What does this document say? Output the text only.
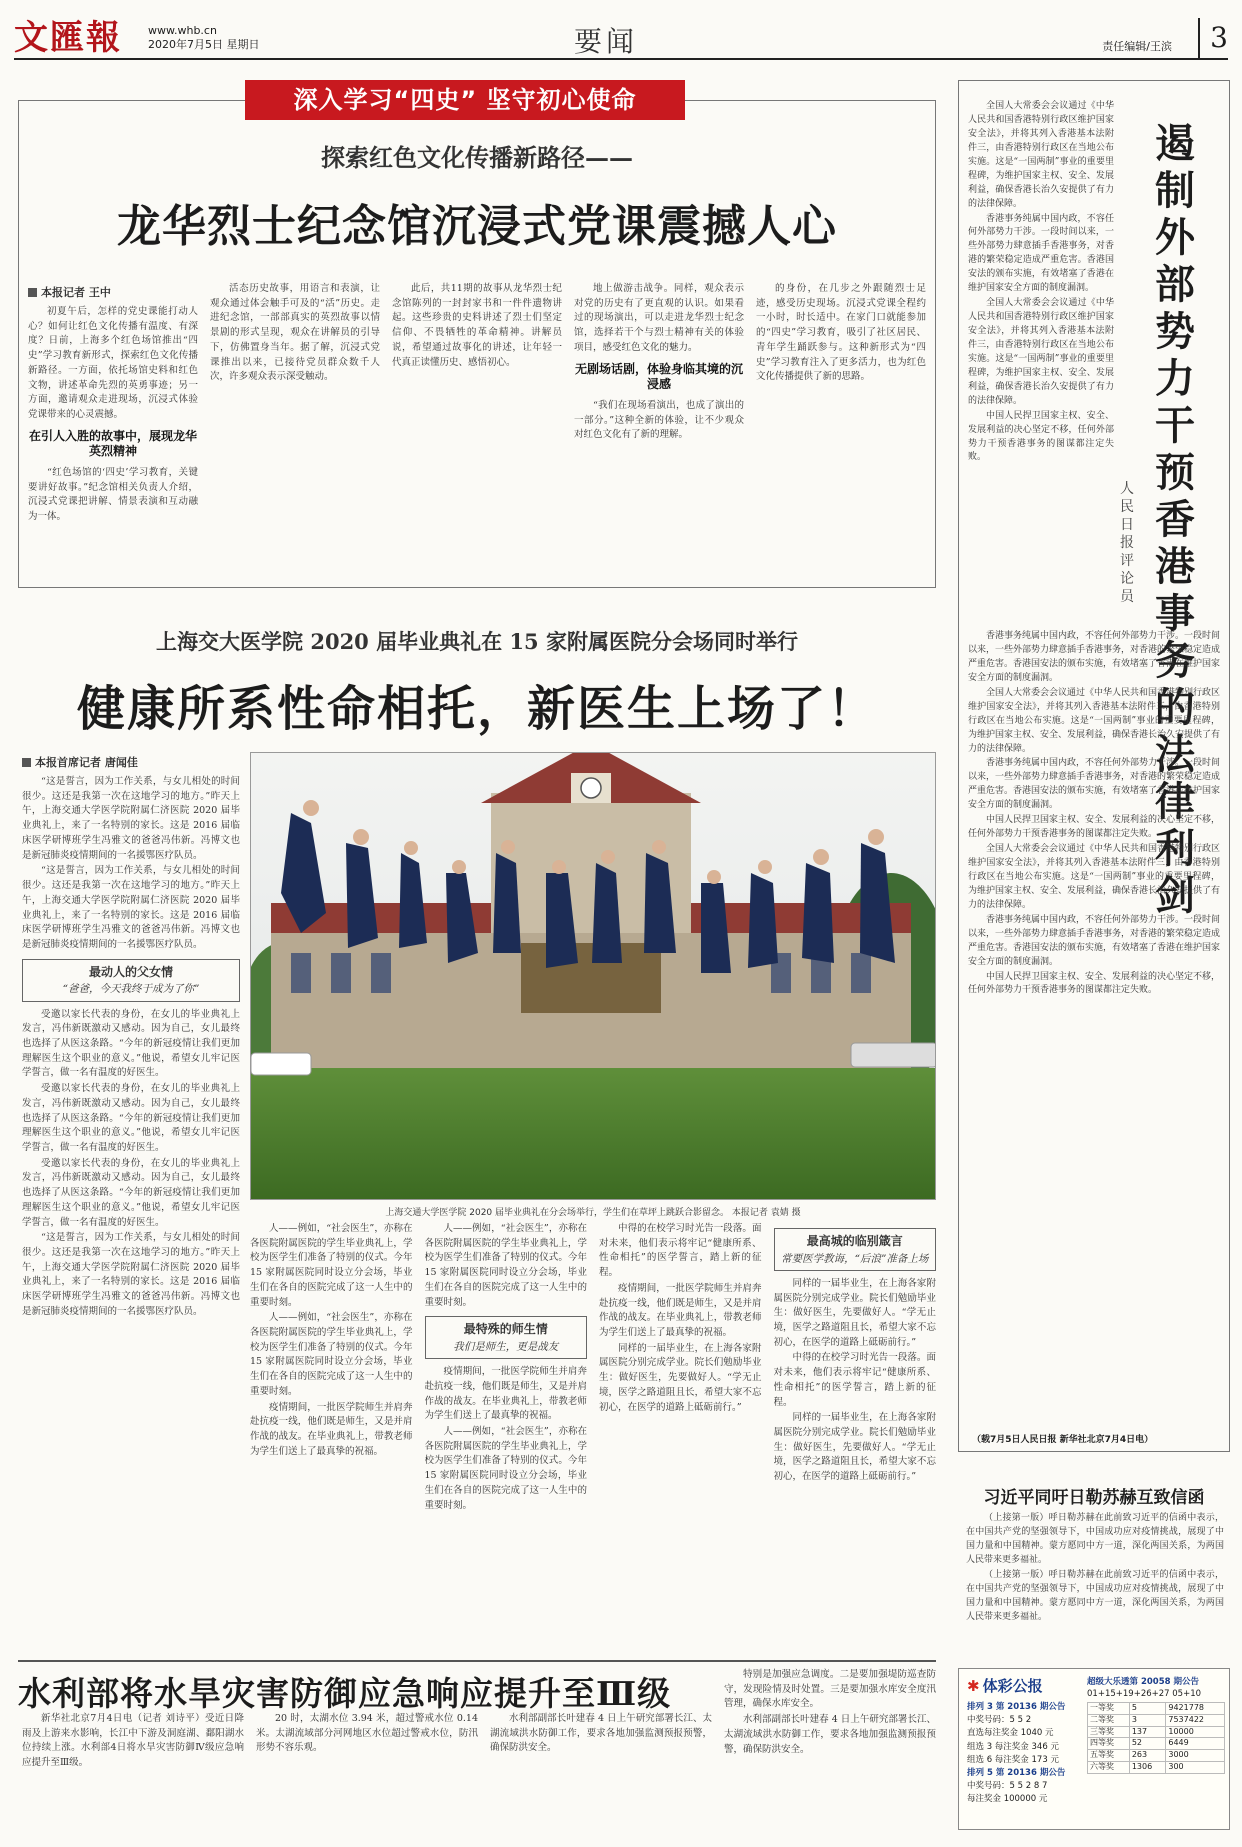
文匯報 www.whb.cn
2020年7月5日 星期日	要闻	责任编辑/王滨	3
深入学习“四史” 坚守初心使命
探索红色文化传播新路径——
龙华烈士纪念馆沉浸式党课震撼人心
本报记者 王中

初夏午后，怎样的党史课能打动人心？如何让红色文化传播有温度、有深度？日前，上海多个红色场馆推出“四史”学习教育新形式，探索红色文化传播新路径。一方面，依托场馆史料和红色文物，讲述革命先烈的英勇事迹；另一方面，邀请观众走进现场，沉浸式体验党课带来的心灵震撼。

在引人入胜的故事中，展现龙华英烈精神

“红色场馆的‘四史’学习教育，关键要讲好故事。”纪念馆相关负责人介绍，沉浸式党课把讲解、情景表演和互动融为一体。

活态历史故事，用语言和表演，让观众通过体会触手可及的“活”历史。走进纪念馆，一部部真实的英烈故事以情景剧的形式呈现，观众在讲解员的引导下，仿佛置身当年。据了解，沉浸式党课推出以来，已接待党员群众数千人次，许多观众表示深受触动。

此后，共11期的故事从龙华烈士纪念馆陈列的一封封家书和一件件遗物讲起。这些珍贵的史料讲述了烈士们坚定信仰、不畏牺牲的革命精神。讲解员说，希望通过故事化的讲述，让年轻一代真正读懂历史、感悟初心。

地上做游击战争。同样，观众表示对党的历史有了更直观的认识。如果看过的现场演出，可以走进龙华烈士纪念馆，选择若干个与烈士精神有关的体验项目，感受红色文化的魅力。

无剧场话剧，体验身临其境的沉浸感

“我们在现场看演出，也成了演出的一部分。”这种全新的体验，让不少观众对红色文化有了新的理解。

的身份，在几步之外跟随烈士足迹，感受历史现场。沉浸式党课全程约一小时，时长适中。在家门口就能参加的“四史”学习教育，吸引了社区居民、青年学生踊跃参与。这种新形式为“四史”学习教育注入了更多活力，也为红色文化传播提供了新的思路。

上海交大医学院 2020 届毕业典礼在 15 家附属医院分会场同时举行
健康所系性命相托，新医生上场了！
本报首席记者 唐闻佳

“这是誓言，因为工作关系，与女儿相处的时间很少。这还是我第一次在这地学习的地方。”昨天上午，上海交通大学医学院附属仁济医院 2020 届毕业典礼上，来了一名特别的家长。这是 2016 届临床医学研博班学生冯雅文的爸爸冯伟新。冯博文也是新冠肺炎疫情期间的一名援鄂医疗队员。

“这是誓言，因为工作关系，与女儿相处的时间很少。这还是我第一次在这地学习的地方。”昨天上午，上海交通大学医学院附属仁济医院 2020 届毕业典礼上，来了一名特别的家长。这是 2016 届临床医学研博班学生冯雅文的爸爸冯伟新。冯博文也是新冠肺炎疫情期间的一名援鄂医疗队员。

最动人的父女情
“爸爸，今天我终于成为了你”

受邀以家长代表的身份，在女儿的毕业典礼上发言，冯伟新既激动又感动。因为自己，女儿最终也选择了从医这条路。“今年的新冠疫情让我们更加理解医生这个职业的意义。”他说，希望女儿牢记医学誓言，做一名有温度的好医生。

受邀以家长代表的身份，在女儿的毕业典礼上发言，冯伟新既激动又感动。因为自己，女儿最终也选择了从医这条路。“今年的新冠疫情让我们更加理解医生这个职业的意义。”他说，希望女儿牢记医学誓言，做一名有温度的好医生。

受邀以家长代表的身份，在女儿的毕业典礼上发言，冯伟新既激动又感动。因为自己，女儿最终也选择了从医这条路。“今年的新冠疫情让我们更加理解医生这个职业的意义。”他说，希望女儿牢记医学誓言，做一名有温度的好医生。

“这是誓言，因为工作关系，与女儿相处的时间很少。这还是我第一次在这地学习的地方。”昨天上午，上海交通大学医学院附属仁济医院 2020 届毕业典礼上，来了一名特别的家长。这是 2016 届临床医学研博班学生冯雅文的爸爸冯伟新。冯博文也是新冠肺炎疫情期间的一名援鄂医疗队员。

上海交通大学医学院 2020 届毕业典礼在分会场举行，学生们在草坪上跳跃合影留念。 本报记者 袁婧 摄

人——例如，“社会医生”，亦称在各医院附属医院的学生毕业典礼上，学校为医学生们准备了特别的仪式。今年 15 家附属医院同时设立分会场，毕业生们在各自的医院完成了这一人生中的重要时刻。

人——例如，“社会医生”，亦称在各医院附属医院的学生毕业典礼上，学校为医学生们准备了特别的仪式。今年 15 家附属医院同时设立分会场，毕业生们在各自的医院完成了这一人生中的重要时刻。

疫情期间，一批医学院师生并肩奔赴抗疫一线，他们既是师生，又是并肩作战的战友。在毕业典礼上，带教老师为学生们送上了最真挚的祝福。

人——例如，“社会医生”，亦称在各医院附属医院的学生毕业典礼上，学校为医学生们准备了特别的仪式。今年 15 家附属医院同时设立分会场，毕业生们在各自的医院完成了这一人生中的重要时刻。

最特殊的师生情
我们是师生，更是战友

疫情期间，一批医学院师生并肩奔赴抗疫一线，他们既是师生，又是并肩作战的战友。在毕业典礼上，带教老师为学生们送上了最真挚的祝福。

人——例如，“社会医生”，亦称在各医院附属医院的学生毕业典礼上，学校为医学生们准备了特别的仪式。今年 15 家附属医院同时设立分会场，毕业生们在各自的医院完成了这一人生中的重要时刻。

中得的在校学习时光告一段落。面对未来，他们表示将牢记“健康所系、性命相托”的医学誓言，踏上新的征程。

疫情期间，一批医学院师生并肩奔赴抗疫一线，他们既是师生，又是并肩作战的战友。在毕业典礼上，带教老师为学生们送上了最真挚的祝福。

同样的一届毕业生，在上海各家附属医院分别完成学业。院长们勉励毕业生：做好医生，先要做好人。“学无止境，医学之路道阻且长，希望大家不忘初心，在医学的道路上砥砺前行。”

最高城的临别箴言
常要医学教诲，“后浪”准备上场

同样的一届毕业生，在上海各家附属医院分别完成学业。院长们勉励毕业生：做好医生，先要做好人。“学无止境，医学之路道阻且长，希望大家不忘初心，在医学的道路上砥砺前行。”

中得的在校学习时光告一段落。面对未来，他们表示将牢记“健康所系、性命相托”的医学誓言，踏上新的征程。

同样的一届毕业生，在上海各家附属医院分别完成学业。院长们勉励毕业生：做好医生，先要做好人。“学无止境，医学之路道阻且长，希望大家不忘初心，在医学的道路上砥砺前行。”

遏制外部势力干预香港事务的法律利剑
人民日报评论员

全国人大常委会会议通过《中华人民共和国香港特别行政区维护国家安全法》，并将其列入香港基本法附件三，由香港特别行政区在当地公布实施。这是“一国两制”事业的重要里程碑，为维护国家主权、安全、发展利益，确保香港长治久安提供了有力的法律保障。

香港事务纯属中国内政，不容任何外部势力干涉。一段时间以来，一些外部势力肆意插手香港事务，对香港的繁荣稳定造成严重危害。香港国安法的颁布实施，有效堵塞了香港在维护国家安全方面的制度漏洞。

全国人大常委会会议通过《中华人民共和国香港特别行政区维护国家安全法》，并将其列入香港基本法附件三，由香港特别行政区在当地公布实施。这是“一国两制”事业的重要里程碑，为维护国家主权、安全、发展利益，确保香港长治久安提供了有力的法律保障。

中国人民捍卫国家主权、安全、发展利益的决心坚定不移，任何外部势力干预香港事务的图谋都注定失败。

香港事务纯属中国内政，不容任何外部势力干涉。一段时间以来，一些外部势力肆意插手香港事务，对香港的繁荣稳定造成严重危害。香港国安法的颁布实施，有效堵塞了香港在维护国家安全方面的制度漏洞。

全国人大常委会会议通过《中华人民共和国香港特别行政区维护国家安全法》，并将其列入香港基本法附件三，由香港特别行政区在当地公布实施。这是“一国两制”事业的重要里程碑，为维护国家主权、安全、发展利益，确保香港长治久安提供了有力的法律保障。

香港事务纯属中国内政，不容任何外部势力干涉。一段时间以来，一些外部势力肆意插手香港事务，对香港的繁荣稳定造成严重危害。香港国安法的颁布实施，有效堵塞了香港在维护国家安全方面的制度漏洞。

中国人民捍卫国家主权、安全、发展利益的决心坚定不移，任何外部势力干预香港事务的图谋都注定失败。

全国人大常委会会议通过《中华人民共和国香港特别行政区维护国家安全法》，并将其列入香港基本法附件三，由香港特别行政区在当地公布实施。这是“一国两制”事业的重要里程碑，为维护国家主权、安全、发展利益，确保香港长治久安提供了有力的法律保障。

香港事务纯属中国内政，不容任何外部势力干涉。一段时间以来，一些外部势力肆意插手香港事务，对香港的繁荣稳定造成严重危害。香港国安法的颁布实施，有效堵塞了香港在维护国家安全方面的制度漏洞。

中国人民捍卫国家主权、安全、发展利益的决心坚定不移，任何外部势力干预香港事务的图谋都注定失败。

（载7月5日人民日报 新华社北京7月4日电）
习近平同吁日勒苏赫互致信函

（上接第一版）呼日勒苏赫在此前致习近平的信函中表示，在中国共产党的坚强领导下，中国成功应对疫情挑战，展现了中国力量和中国精神。蒙方愿同中方一道，深化两国关系，为两国人民带来更多福祉。

（上接第一版）呼日勒苏赫在此前致习近平的信函中表示，在中国共产党的坚强领导下，中国成功应对疫情挑战，展现了中国力量和中国精神。蒙方愿同中方一道，深化两国关系，为两国人民带来更多福祉。

水利部将水旱灾害防御应急响应提升至Ⅲ级

新华社北京7月4日电（记者 刘诗平）受近日降雨及上游来水影响，长江中下游及洞庭湖、鄱阳湖水位持续上涨。水利部4日将水旱灾害防御Ⅳ级应急响应提升至Ⅲ级。

20 时，太湖水位 3.94 米，超过警戒水位 0.14 米。太湖流域部分河网地区水位超过警戒水位，防汛形势不容乐观。

水利部副部长叶建春 4 日上午研究部署长江、太湖流域洪水防御工作，要求各地加强监测预报预警，确保防洪安全。

特别是加强应急调度。二是要加强堤防巡查防守，发现险情及时处置。三是要加强水库安全度汛管理，确保水库安全。

水利部副部长叶建春 4 日上午研究部署长江、太湖流域洪水防御工作，要求各地加强监测预报预警，确保防洪安全。

✱ 体彩公报
排列 3 第 20136 期公告
中奖号码：5 5 2
直选每注奖金 1040 元
组选 3 每注奖金 346 元
组选 6 每注奖金 173 元
排列 5 第 20136 期公告
中奖号码：5 5 2 8 7
每注奖金 100000 元
超级大乐透第 20058 期公告
01+15+19+26+27 05+10
一等奖	5	9421778
二等奖	3	7537422
三等奖	137	10000
四等奖	52	6449
五等奖	263	3000
六等奖	1306	300
